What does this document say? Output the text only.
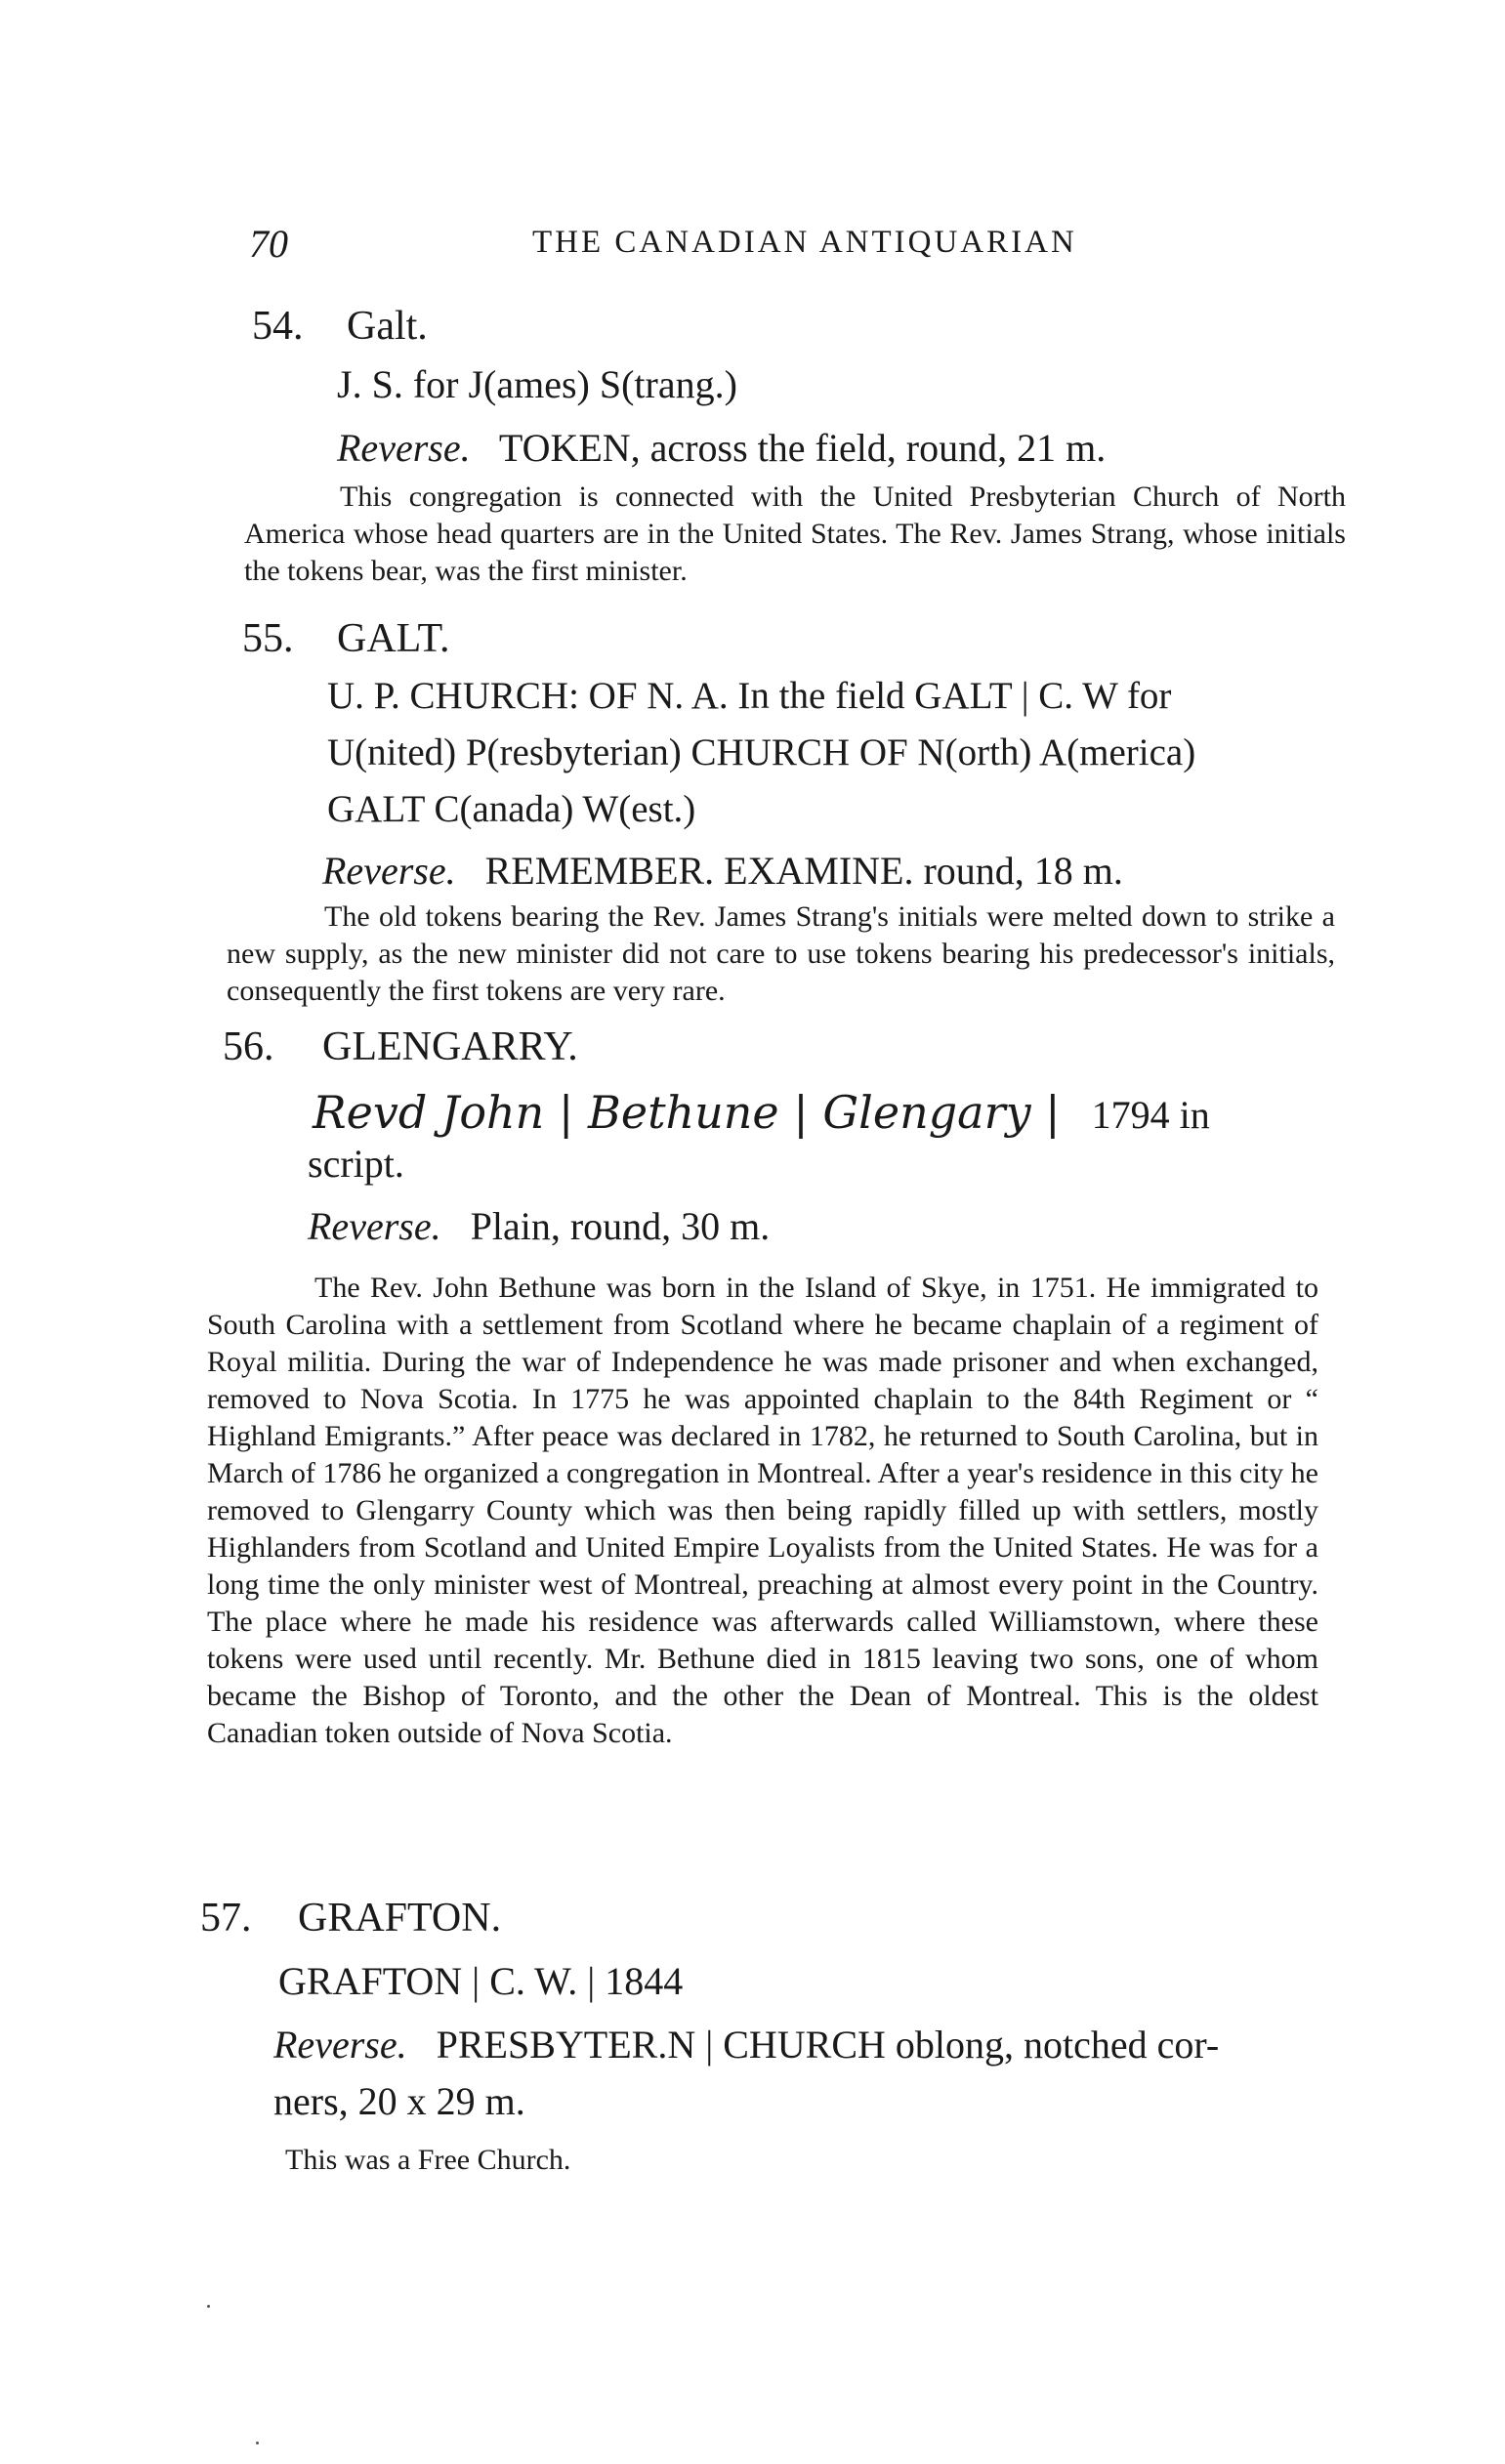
70	THE CANADIAN ANTIQUARIAN
54. Galt.
J. S. for J(ames) S(trang.)
Reverse. TOKEN, across the field, round, 21 m.

This congregation is connected with the United Presbyterian Church of North America whose head quarters are in the United States. The Rev. James Strang, whose initials the tokens bear, was the first minister.

55. GALT.
U. P. CHURCH: OF N. A. In the field GALT | C. W for
U(nited) P(resbyterian) CHURCH OF N(orth) A(merica)
GALT C(anada) W(est.)
Reverse. REMEMBER. EXAMINE. round, 18 m.

The old tokens bearing the Rev. James Strang's initials were melted down to strike a new supply, as the new minister did not care to use tokens bearing his predecessor's initials, consequently the first tokens are very rare.

56. GLENGARRY.
Revd John | Bethune | Glengary | 1794 in
script.
Reverse. Plain, round, 30 m.

The Rev. John Bethune was born in the Island of Skye, in 1751. He immigrated to South Carolina with a settlement from Scotland where he became chaplain of a regiment of Royal militia. During the war of Independence he was made prisoner and when exchanged, removed to Nova Scotia. In 1775 he was appointed chaplain to the 84th Regiment or “ Highland Emigrants.” After peace was declared in 1782, he returned to South Carolina, but in March of 1786 he organized a congregation in Montreal. After a year's residence in this city he removed to Glengarry County which was then being rapidly filled up with settlers, mostly Highlanders from Scotland and United Empire Loyalists from the United States. He was for a long time the only minister west of Montreal, preaching at almost every point in the Country. The place where he made his residence was afterwards called Williamstown, where these tokens were used until recently. Mr. Bethune died in 1815 leaving two sons, one of whom became the Bishop of Toronto, and the other the Dean of Montreal. This is the oldest Canadian token outside of Nova Scotia.

57. GRAFTON.
GRAFTON | C. W. | 1844
Reverse. PRESBYTER.N | CHURCH oblong, notched cor-
ners, 20 x 29 m.
This was a Free Church.
